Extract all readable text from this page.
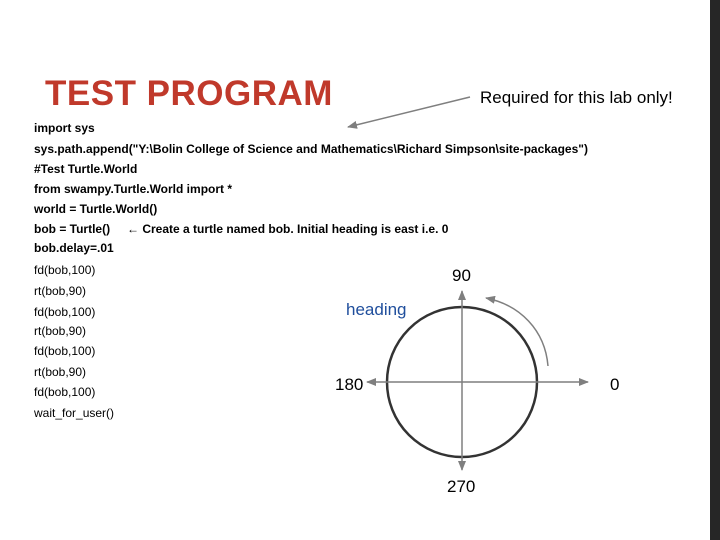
TEST PROGRAM	Required for this lab only!
import sys
sys.path.append("Y:\Bolin College of Science and Mathematics\Richard Simpson\site-packages")
#Test Turtle.World
from swampy.Turtle.World import *
world = Turtle.World()
bob = Turtle() ← Create a turtle named bob. Initial heading is east i.e. 0
bob.delay=.01
fd(bob,100)
rt(bob,90)
fd(bob,100)
rt(bob,90)
fd(bob,100)
rt(bob,90)
fd(bob,100)
wait_for_user()
90
heading
180	0
270
